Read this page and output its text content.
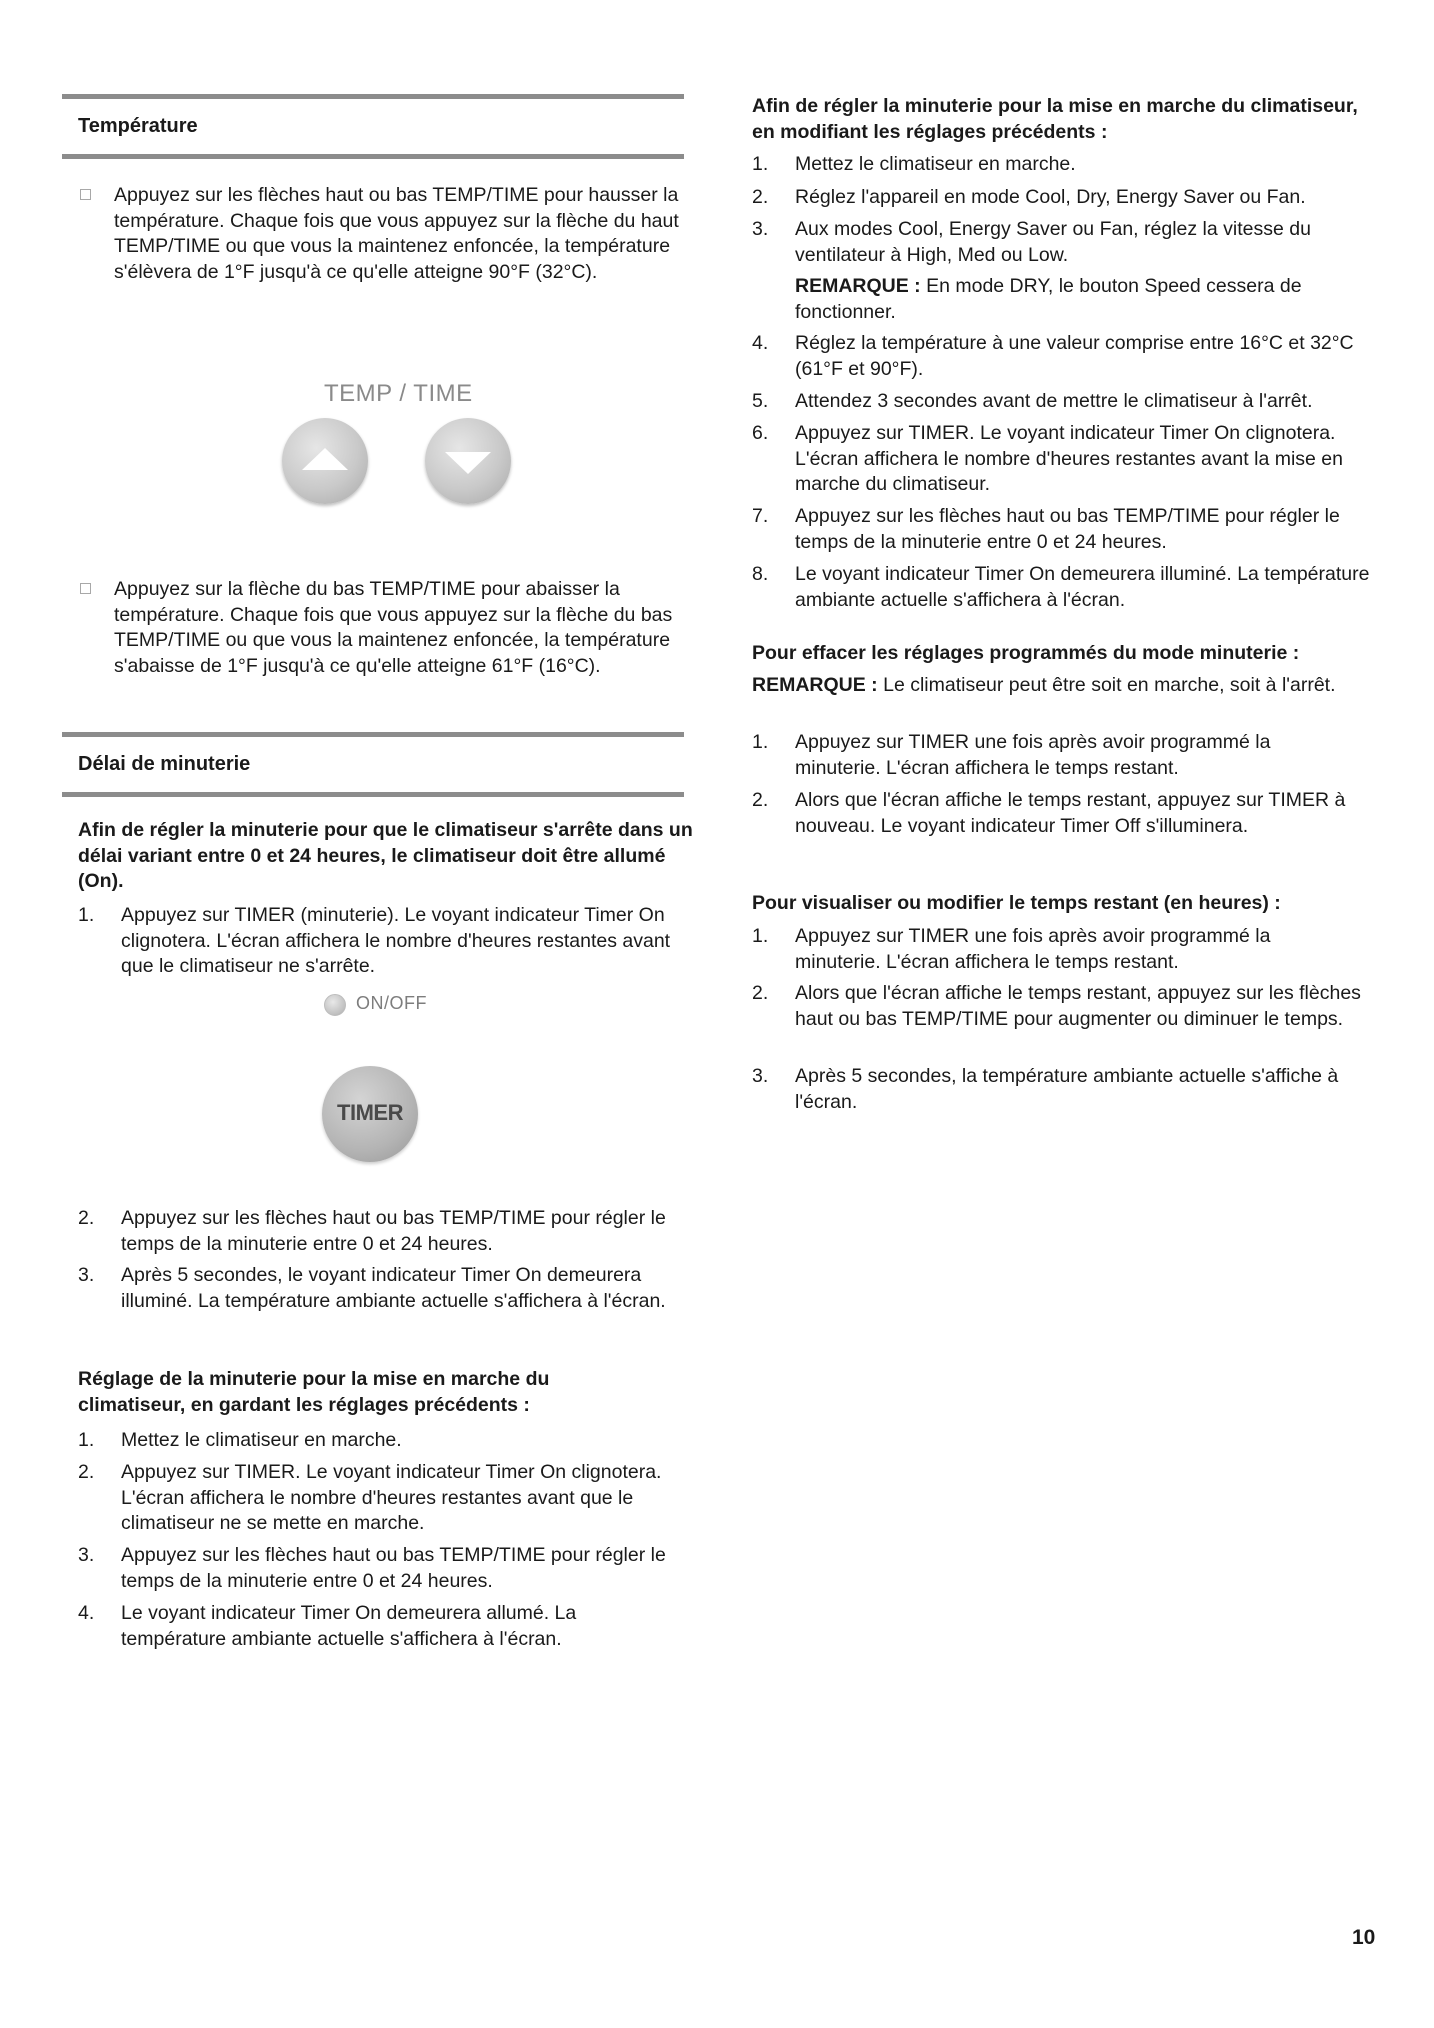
Température
Appuyez sur les flèches haut ou bas TEMP/TIME pour hausser la température. Chaque fois que vous appuyez sur la flèche du haut TEMP/TIME ou que vous la maintenez enfoncée, la température s'élèvera de 1°F jusqu'à ce qu'elle atteigne 90°F (32°C).
TEMP / TIME
Appuyez sur la flèche du bas TEMP/TIME pour abaisser la température. Chaque fois que vous appuyez sur la flèche du bas TEMP/TIME ou que vous la maintenez enfoncée, la température s'abaisse de 1°F jusqu'à ce qu'elle atteigne 61°F (16°C).
Délai de minuterie

Afin de régler la minuterie pour que le climatiseur s'arrête dans un délai variant entre 0 et 24 heures, le climatiseur doit être allumé (On).

1.	Appuyez sur TIMER (minuterie). Le voyant indicateur Timer On clignotera. L'écran affichera le nombre d'heures restantes avant que le climatiseur ne s'arrête.
ON/OFF
TIMER
2.	Appuyez sur les flèches haut ou bas TEMP/TIME pour régler le temps de la minuterie entre 0 et 24 heures.
3.	Après 5 secondes, le voyant indicateur Timer On demeurera illuminé. La température ambiante actuelle s'affichera à l'écran.

Réglage de la minuterie pour la mise en marche du climatiseur, en gardant les réglages précédents :

1.	Mettez le climatiseur en marche.
2.	Appuyez sur TIMER. Le voyant indicateur Timer On clignotera. L'écran affichera le nombre d'heures restantes avant que le climatiseur ne se mette en marche.
3.	Appuyez sur les flèches haut ou bas TEMP/TIME pour régler le temps de la minuterie entre 0 et 24 heures.
4.	Le voyant indicateur Timer On demeurera allumé. La température ambiante actuelle s'affichera à l'écran.

Afin de régler la minuterie pour la mise en marche du climatiseur, en modifiant les réglages précédents :

1.	Mettez le climatiseur en marche.
2.	Réglez l'appareil en mode Cool, Dry, Energy Saver ou Fan.
3.	Aux modes Cool, Energy Saver ou Fan, réglez la vitesse du ventilateur à High, Med ou Low.

REMARQUE : En mode DRY, le bouton Speed cessera de fonctionner.

4.	Réglez la température à une valeur comprise entre 16°C et 32°C (61°F et 90°F).
5.	Attendez 3 secondes avant de mettre le climatiseur à l'arrêt.
6.	Appuyez sur TIMER. Le voyant indicateur Timer On clignotera. L'écran affichera le nombre d'heures restantes avant la mise en marche du climatiseur.
7.	Appuyez sur les flèches haut ou bas TEMP/TIME pour régler le temps de la minuterie entre 0 et 24 heures.
8.	Le voyant indicateur Timer On demeurera illuminé. La température ambiante actuelle s'affichera à l'écran.

Pour effacer les réglages programmés du mode minuterie :

REMARQUE : Le climatiseur peut être soit en marche, soit à l'arrêt.

1.	Appuyez sur TIMER une fois après avoir programmé la minuterie. L'écran affichera le temps restant.
2.	Alors que l'écran affiche le temps restant, appuyez sur TIMER à nouveau. Le voyant indicateur Timer Off s'illuminera.

Pour visualiser ou modifier le temps restant (en heures) :

1.	Appuyez sur TIMER une fois après avoir programmé la minuterie. L'écran affichera le temps restant.
2.	Alors que l'écran affiche le temps restant, appuyez sur les flèches haut ou bas TEMP/TIME pour augmenter ou diminuer le temps.
3.	Après 5 secondes, la température ambiante actuelle s'affiche à l'écran.
10
